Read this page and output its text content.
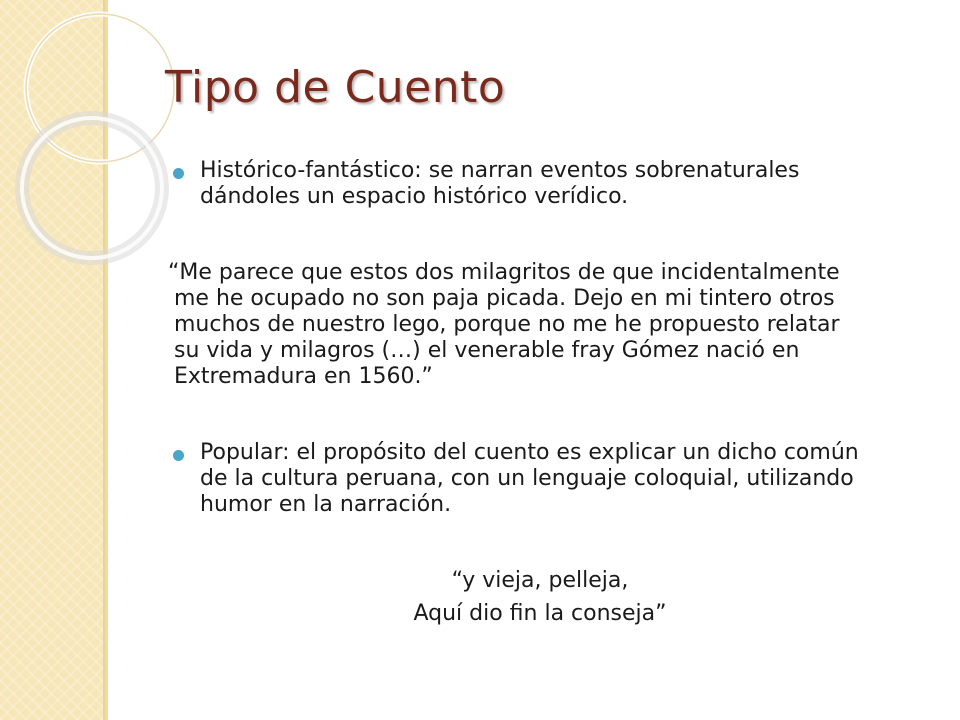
Tipo de Cuento
Histórico-fantástico: se narran eventos sobrenaturales
dándoles un espacio histórico verídico.
“Me parece que estos dos milagritos de que incidentalmente
me he ocupado no son paja picada. Dejo en mi tintero otros
muchos de nuestro lego, porque no me he propuesto relatar
su vida y milagros (…) el venerable fray Gómez nació en
Extremadura en 1560.”
Popular: el propósito del cuento es explicar un dicho común
de la cultura peruana, con un lenguaje coloquial, utilizando
humor en la narración.
“y vieja, pelleja,
Aquí dio fin la conseja”
